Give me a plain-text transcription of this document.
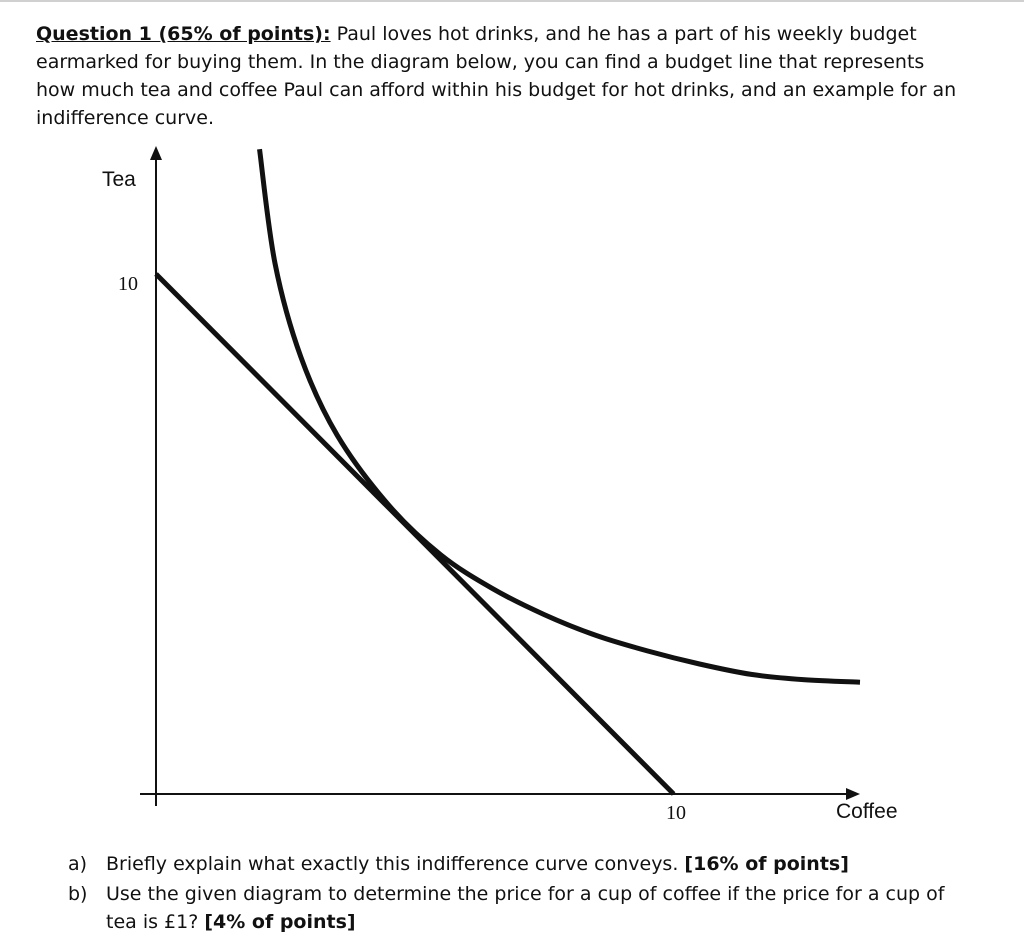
Question 1 (65% of points): Paul loves hot drinks, and he has a part of his weekly budget earmarked for buying them. In the diagram below, you can find a budget line that represents how much tea and coffee Paul can afford within his budget for hot drinks, and an example for an indifference curve.

Tea
Coffee
10
10
a) Briefly explain what exactly this indifference curve conveys. [16% of points]
b) Use the given diagram to determine the price for a cup of coffee if the price for a cup of tea is £1? [4% of points]
